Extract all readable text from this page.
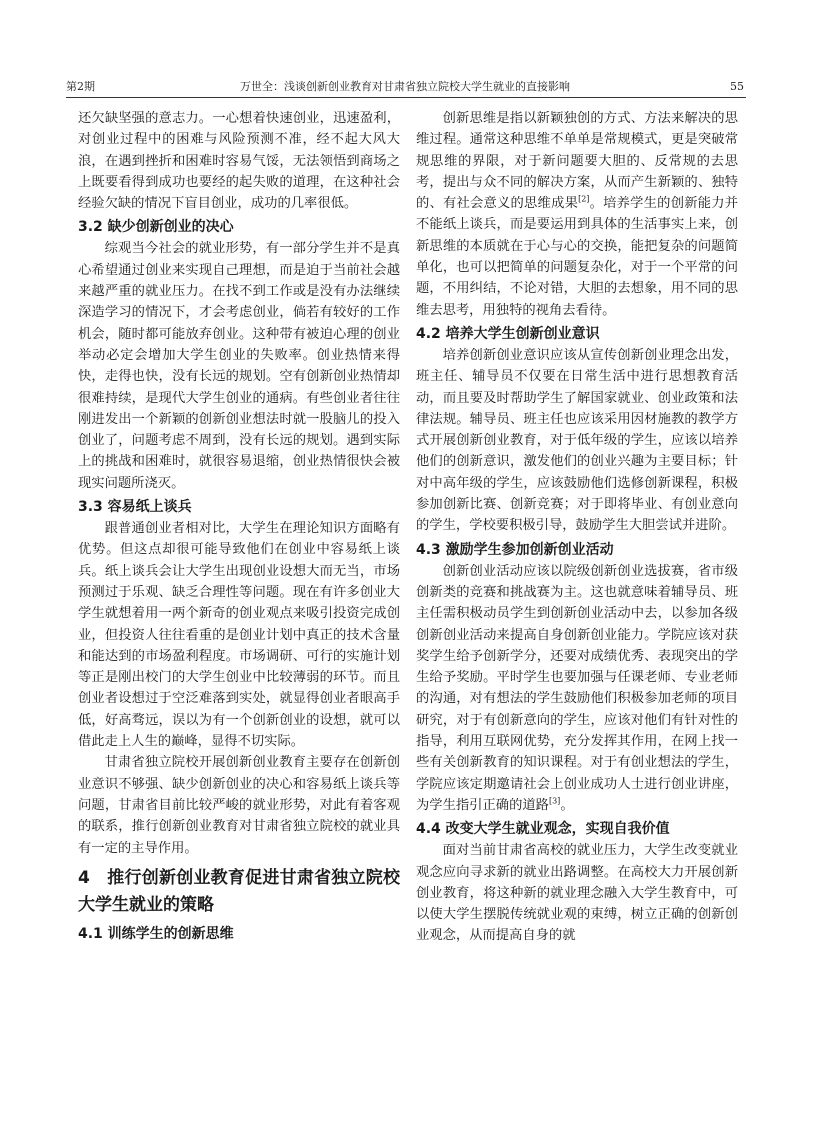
第2期	万世全：浅谈创新创业教育对甘肃省独立院校大学生就业的直接影响	55

还欠缺坚强的意志力。一心想着快速创业，迅速盈利，对创业过程中的困难与风险预测不准，经不起大风大浪，在遇到挫折和困难时容易气馁，无法领悟到商场之上既要看得到成功也要经的起失败的道理，在这种社会经验欠缺的情况下盲目创业，成功的几率很低。

3.2 缺少创新创业的决心

综观当今社会的就业形势，有一部分学生并不是真心希望通过创业来实现自己理想，而是迫于当前社会越来越严重的就业压力。在找不到工作或是没有办法继续深造学习的情况下，才会考虑创业，倘若有较好的工作机会，随时都可能放弃创业。这种带有被迫心理的创业举动必定会增加大学生创业的失败率。创业热情来得快，走得也快，没有长远的规划。空有创新创业热情却很难持续，是现代大学生创业的通病。有些创业者往往刚进发出一个新颖的创新创业想法时就一股脑儿的投入创业了，问题考虑不周到，没有长远的规划。遇到实际上的挑战和困难时，就很容易退缩，创业热情很快会被现实问题所浇灭。

3.3 容易纸上谈兵

跟普通创业者相对比，大学生在理论知识方面略有优势。但这点却很可能导致他们在创业中容易纸上谈兵。纸上谈兵会让大学生出现创业设想大而无当，市场预测过于乐观、缺乏合理性等问题。现在有许多创业大学生就想着用一两个新奇的创业观点来吸引投资完成创业，但投资人往往看重的是创业计划中真正的技术含量和能达到的市场盈利程度。市场调研、可行的实施计划等正是刚出校门的大学生创业中比较薄弱的环节。而且创业者设想过于空泛难落到实处，就显得创业者眼高手低，好高骛远，误以为有一个创新创业的设想，就可以借此走上人生的巅峰，显得不切实际。

甘肃省独立院校开展创新创业教育主要存在创新创业意识不够强、缺少创新创业的决心和容易纸上谈兵等问题，甘肃省目前比较严峻的就业形势，对此有着客观的联系，推行创新创业教育对甘肃省独立院校的就业具有一定的主导作用。

4　推行创新创业教育促进甘肃省独立院校大学生就业的策略
4.1 训练学生的创新思维

创新思维是指以新颖独创的方式、方法来解决的思维过程。通常这种思维不单单是常规模式，更是突破常规思维的界限，对于新问题要大胆的、反常规的去思考，提出与众不同的解决方案，从而产生新颖的、独特的、有社会意义的思维成果[2]。培养学生的创新能力并不能纸上谈兵，而是要运用到具体的生活事实上来，创新思维的本质就在于心与心的交换，能把复杂的问题简单化，也可以把简单的问题复杂化，对于一个平常的问题，不用纠结，不论对错，大胆的去想象，用不同的思维去思考，用独特的视角去看待。

4.2 培养大学生创新创业意识

培养创新创业意识应该从宣传创新创业理念出发，班主任、辅导员不仅要在日常生活中进行思想教育活动，而且要及时帮助学生了解国家就业、创业政策和法律法规。辅导员、班主任也应该采用因材施教的教学方式开展创新创业教育，对于低年级的学生，应该以培养他们的创新意识，激发他们的创业兴趣为主要目标；针对中高年级的学生，应该鼓励他们选修创新课程，积极参加创新比赛、创新竞赛；对于即将毕业、有创业意向的学生，学校要积极引导，鼓励学生大胆尝试并进阶。

4.3 激励学生参加创新创业活动

创新创业活动应该以院级创新创业选拔赛，省市级创新类的竞赛和挑战赛为主。这也就意味着辅导员、班主任需积极动员学生到创新创业活动中去，以参加各级创新创业活动来提高自身创新创业能力。学院应该对获奖学生给予创新学分，还要对成绩优秀、表现突出的学生给予奖励。平时学生也要加强与任课老师、专业老师的沟通，对有想法的学生鼓励他们积极参加老师的项目研究，对于有创新意向的学生，应该对他们有针对性的指导，利用互联网优势，充分发挥其作用，在网上找一些有关创新教育的知识课程。对于有创业想法的学生，学院应该定期邀请社会上创业成功人士进行创业讲座，为学生指引正确的道路[3]。

4.4 改变大学生就业观念，实现自我价值

面对当前甘肃省高校的就业压力，大学生改变就业观念应向寻求新的就业出路调整。在高校大力开展创新创业教育，将这种新的就业理念融入大学生教育中，可以使大学生摆脱传统就业观的束缚，树立正确的创新创业观念，从而提高自身的就
